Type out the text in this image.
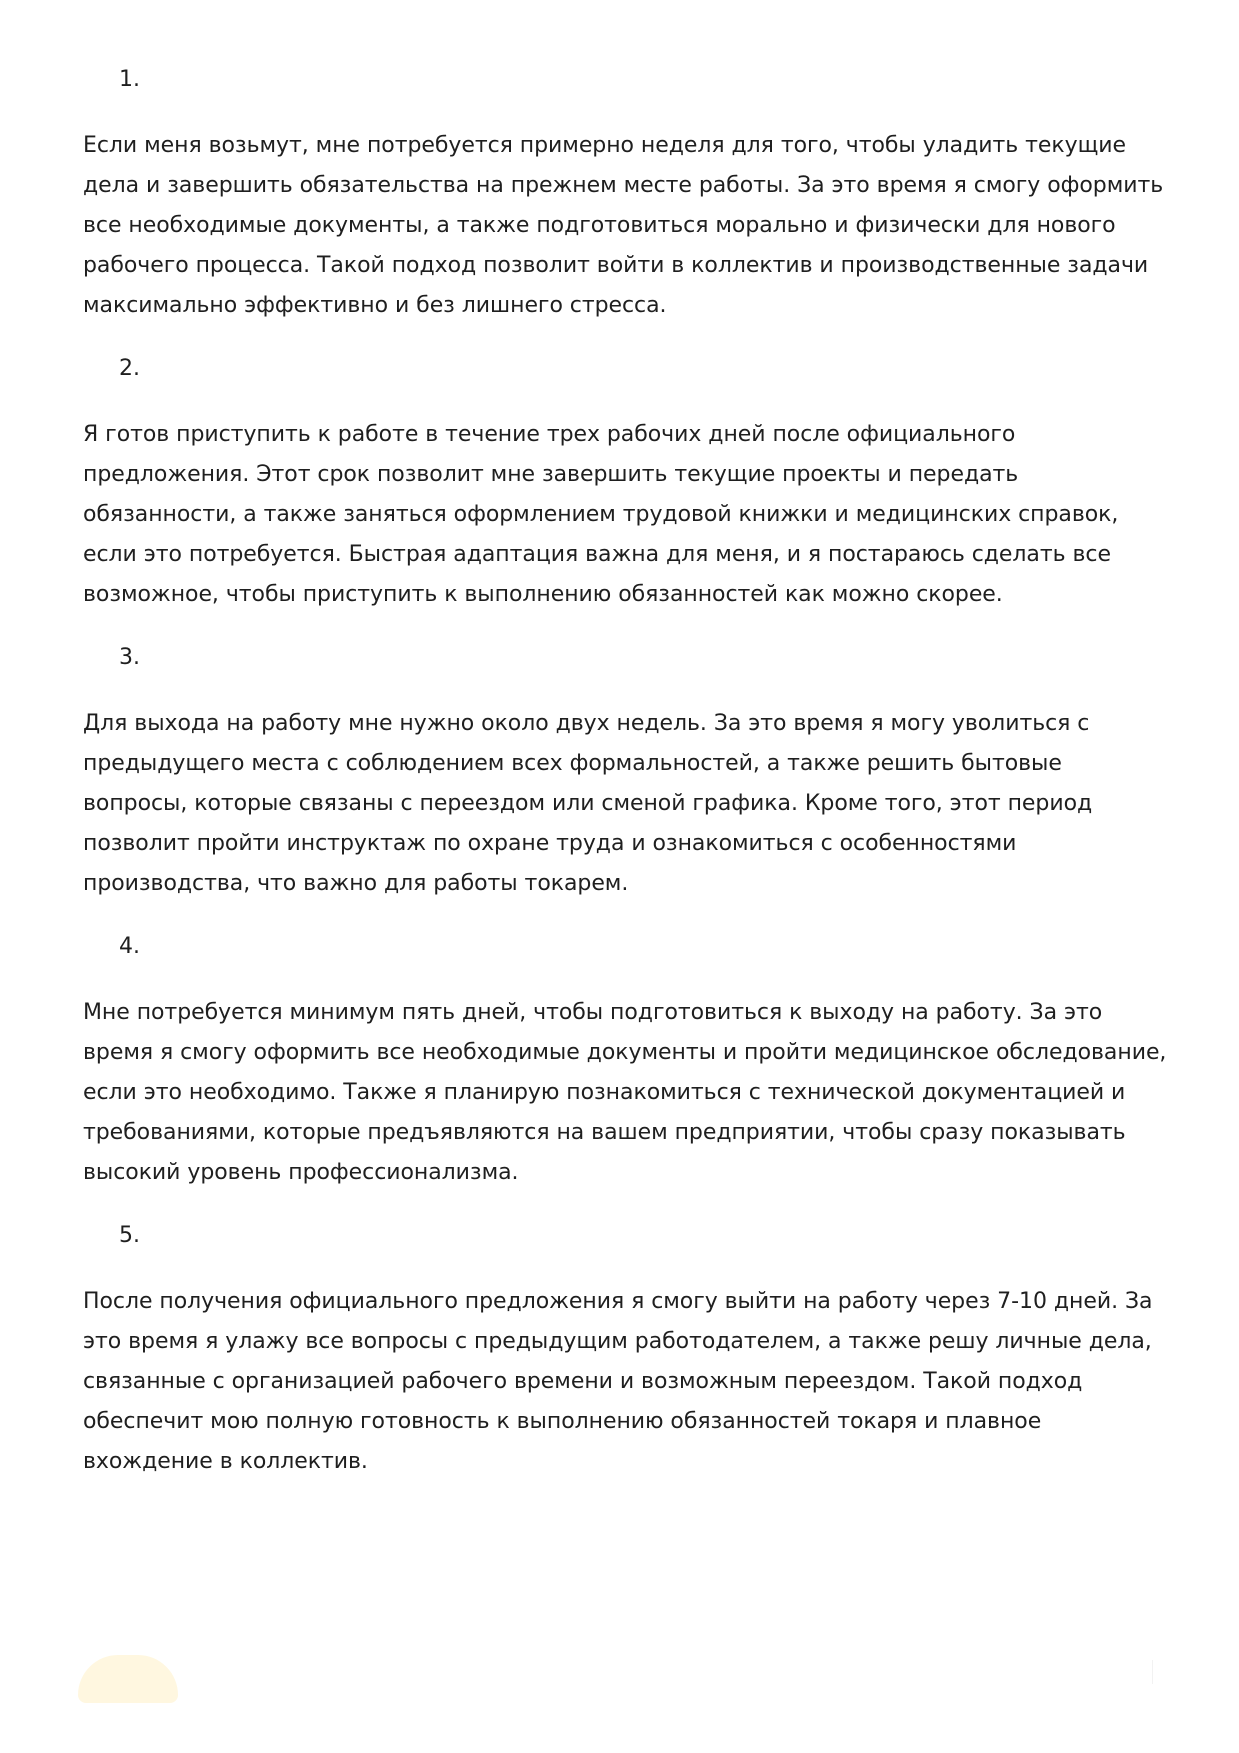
1.

Если меня возьмут, мне потребуется примерно неделя для того, чтобы уладить текущие дела и завершить обязательства на прежнем месте работы. За это время я смогу оформить все необходимые документы, а также подготовиться морально и физически для нового рабочего процесса. Такой подход позволит войти в коллектив и производственные задачи максимально эффективно и без лишнего стресса.

2.

Я готов приступить к работе в течение трех рабочих дней после официального предложения. Этот срок позволит мне завершить текущие проекты и передать обязанности, а также заняться оформлением трудовой книжки и медицинских справок, если это потребуется. Быстрая адаптация важна для меня, и я постараюсь сделать все возможное, чтобы приступить к выполнению обязанностей как можно скорее.

3.

Для выхода на работу мне нужно около двух недель. За это время я могу уволиться с предыдущего места с соблюдением всех формальностей, а также решить бытовые вопросы, которые связаны с переездом или сменой графика. Кроме того, этот период позволит пройти инструктаж по охране труда и ознакомиться с особенностями производства, что важно для работы токарем.

4.

Мне потребуется минимум пять дней, чтобы подготовиться к выходу на работу. За это время я смогу оформить все необходимые документы и пройти медицинское обследование, если это необходимо. Также я планирую познакомиться с технической документацией и требованиями, которые предъявляются на вашем предприятии, чтобы сразу показывать высокий уровень профессионализма.

5.

После получения официального предложения я смогу выйти на работу через 7-10 дней. За это время я улажу все вопросы с предыдущим работодателем, а также решу личные дела, связанные с организацией рабочего времени и возможным переездом. Такой подход обеспечит мою полную готовность к выполнению обязанностей токаря и плавное вхождение в коллектив.
